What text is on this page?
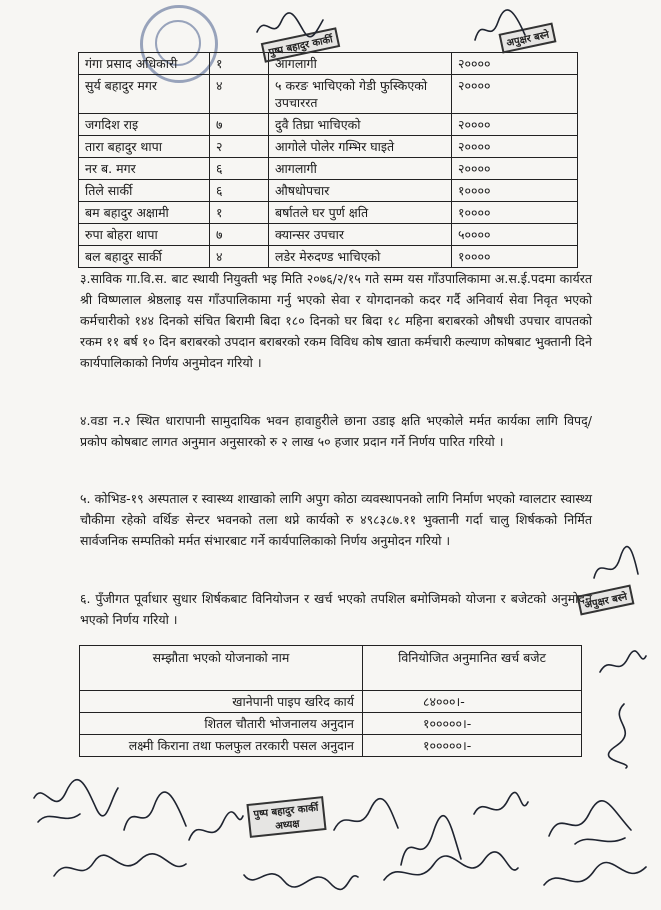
गंगा प्रसाद अधिकारी	१	आगलागी	२००००
सुर्य बहादुर मगर	४	५ करङ भाचिएको गेडी फुस्किएको उपचाररत	२००००
जगदिश राइ	७	दुवै तिघ्रा भाचिएको	२००००
तारा बहादुर थापा	२	आगोले पोलेर गम्भिर घाइते	२००००
नर ब. मगर	६	आगलागी	२००००
तिले सार्की	६	औषधोपचार	१००००
बम बहादुर अक्षामी	१	बर्षातले घर पुर्ण क्षति	१००००
रुपा बोहरा थापा	७	क्यान्सर उपचार	५००००
बल बहादुर सार्की	४	लडेर मेरुदण्ड भाचिएको	१००००
पुष्प बहादुर कार्की	अपुक्षर बस्ने

३.साविक गा.वि.स. बाट स्थायी नियुक्ती भइ मिति २०७६/२/१५ गते सम्म यस गाँउपालिकामा अ.स.ई.पदमा कार्यरत श्री विष्णलाल श्रेष्ठलाइ यस गाँउपालिकामा गर्नु भएको सेवा र योगदानको कदर गर्दै अनिवार्य सेवा निवृत भएको कर्मचारीको १४४ दिनको संचित बिरामी बिदा १८० दिनको घर बिदा १८ महिना बराबरको औषधी उपचार वापतको रकम ११ बर्ष १० दिन बराबरको उपदान बराबरको रकम विविध कोष खाता कर्मचारी कल्याण कोषबाट भुक्तानी दिने कार्यपालिकाको निर्णय अनुमोदन गरियो ।

४.वडा न.२ स्थित धारापानी सामुदायिक भवन हावाहुरीले छाना उडाइ क्षति भएकोले मर्मत कार्यका लागि विपद्/प्रकोप कोषबाट लागत अनुमान अनुसारको रु २ लाख ५० हजार प्रदान गर्ने निर्णय पारित गरियो ।

५. कोभिड-१९ अस्पताल र स्वास्थ्य शाखाको लागि अपुग कोठा व्यवस्थापनको लागि निर्माण भएको ग्वालटार स्वास्थ्य चौकीमा रहेको वर्थिङ सेन्टर भवनको तला थप्ने कार्यको रु ४९८३८७.११ भुक्तानी गर्दा चालु शिर्षकको निर्मित सार्वजनिक सम्पतिको मर्मत संभारबाट गर्ने कार्यपालिकाको निर्णय अनुमोदन गरियो ।

६. पुँजीगत पूर्वाधार सुधार शिर्षकबाट विनियोजन र खर्च भएको तपशिल बमोजिमको योजना र बजेटको अनुमोदन भएको निर्णय गरियो ।

अपुक्षर बस्ने
सम्झौता भएको योजनाको नाम	विनियोजित अनुमानित खर्च बजेट
खानेपानी पाइप खरिद कार्य	८४०००।-
शितल चौतारी भोजनालय अनुदान	१०००००।-
लक्ष्मी किराना तथा फलफुल तरकारी पसल अनुदान	१०००००।-
पुष्प बहादुर कार्की
अध्यक्ष
